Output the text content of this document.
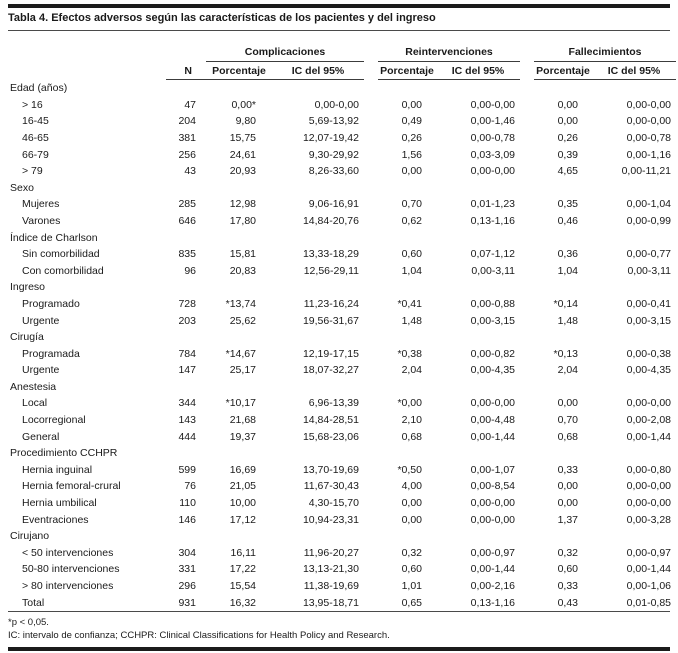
Tabla 4. Efectos adversos según las características de los pacientes y del ingreso
		Complicaciones			Reintervenciones			Fallecimientos	
	N	Porcentaje	IC del 95%		Porcentaje	IC del 95%		Porcentaje	IC del 95%
Edad (años)									
> 16	47	0,00*	0,00-0,00		0,00	0,00-0,00		0,00	0,00-0,00
16-45	204	9,80	5,69-13,92		0,49	0,00-1,46		0,00	0,00-0,00
46-65	381	15,75	12,07-19,42		0,26	0,00-0,78		0,26	0,00-0,78
66-79	256	24,61	9,30-29,92		1,56	0,03-3,09		0,39	0,00-1,16
> 79	43	20,93	8,26-33,60		0,00	0,00-0,00		4,65	0,00-11,21
Sexo									
Mujeres	285	12,98	9,06-16,91		0,70	0,01-1,23		0,35	0,00-1,04
Varones	646	17,80	14,84-20,76		0,62	0,13-1,16		0,46	0,00-0,99
Índice de Charlson									
Sin comorbilidad	835	15,81	13,33-18,29		0,60	0,07-1,12		0,36	0,00-0,77
Con comorbilidad	96	20,83	12,56-29,11		1,04	0,00-3,11		1,04	0,00-3,11
Ingreso									
Programado	728	*13,74	11,23-16,24		*0,41	0,00-0,88		*0,14	0,00-0,41
Urgente	203	25,62	19,56-31,67		1,48	0,00-3,15		1,48	0,00-3,15
Cirugía									
Programada	784	*14,67	12,19-17,15		*0,38	0,00-0,82		*0,13	0,00-0,38
Urgente	147	25,17	18,07-32,27		2,04	0,00-4,35		2,04	0,00-4,35
Anestesia									
Local	344	*10,17	6,96-13,39		*0,00	0,00-0,00		0,00	0,00-0,00
Locorregional	143	21,68	14,84-28,51		2,10	0,00-4,48		0,70	0,00-2,08
General	444	19,37	15,68-23,06		0,68	0,00-1,44		0,68	0,00-1,44
Procedimiento CCHPR									
Hernia inguinal	599	16,69	13,70-19,69		*0,50	0,00-1,07		0,33	0,00-0,80
Hernia femoral-crural	76	21,05	11,67-30,43		4,00	0,00-8,54		0,00	0,00-0,00
Hernia umbilical	110	10,00	4,30-15,70		0,00	0,00-0,00		0,00	0,00-0,00
Eventraciones	146	17,12	10,94-23,31		0,00	0,00-0,00		1,37	0,00-3,28
Cirujano									
< 50 intervenciones	304	16,11	11,96-20,27		0,32	0,00-0,97		0,32	0,00-0,97
50-80 intervenciones	331	17,22	13,13-21,30		0,60	0,00-1,44		0,60	0,00-1,44
> 80 intervenciones	296	15,54	11,38-19,69		1,01	0,00-2,16		0,33	0,00-1,06
Total	931	16,32	13,95-18,71		0,65	0,13-1,16		0,43	0,01-0,85

*p < 0,05.

IC: intervalo de confianza; CCHPR: Clinical Classifications for Health Policy and Research.
